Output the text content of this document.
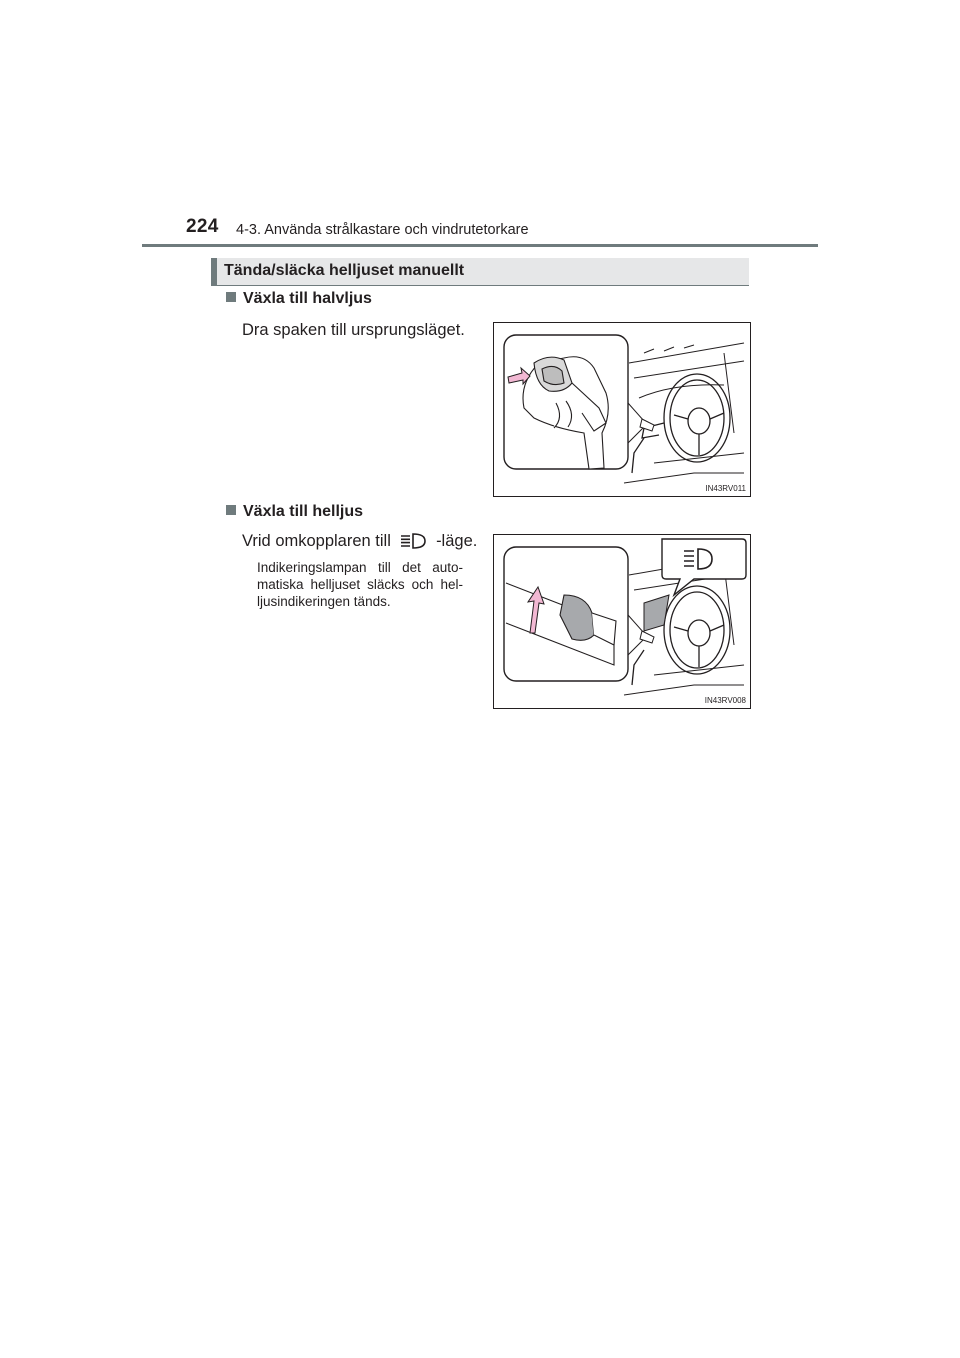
224 4-3. Använda strålkastare och vindrutetorkare
Tända/släcka helljuset manuellt
Växla till halvljus
Dra spaken till ursprungsläget.
IN43RV011
Växla till helljus
Vrid omkopplaren till	-läge.
Indikeringslampan till det auto-matiska helljuset släcks och hel-ljusindikeringen tänds.
IN43RV008
